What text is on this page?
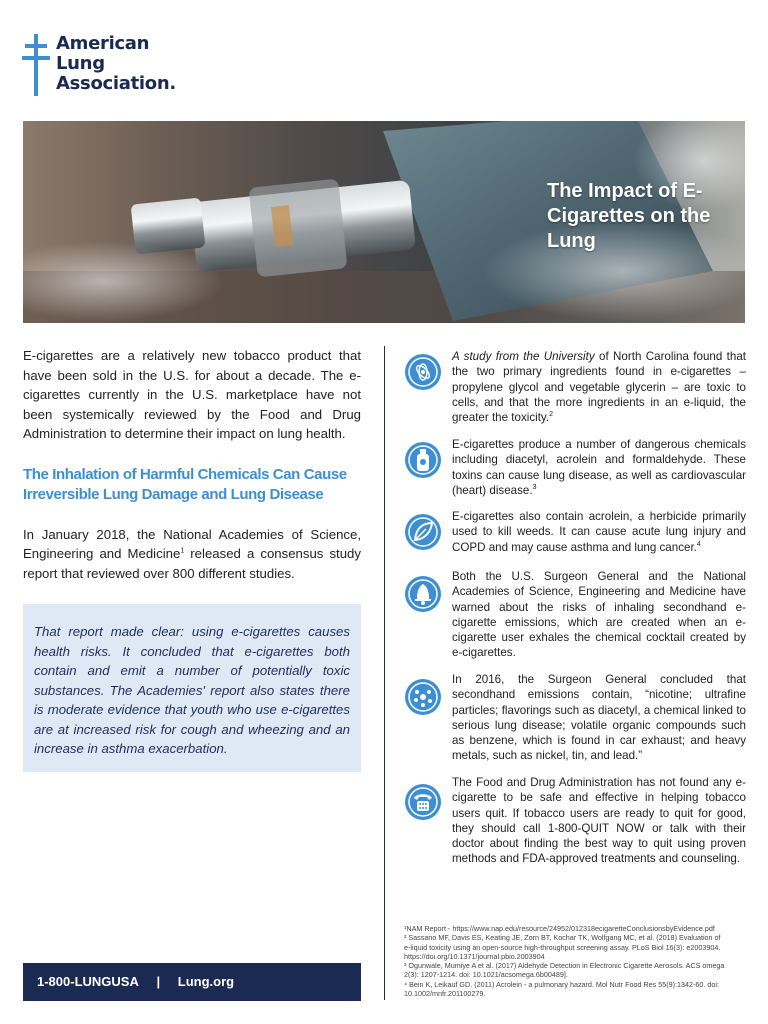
American
Lung
Association.
The Impact of E-Cigarettes on the Lung

E-cigarettes are a relatively new tobacco product that have been sold in the U.S. for about a decade. The e-cigarettes currently in the U.S. marketplace have not been systemically reviewed by the Food and Drug Administration to determine their impact on lung health.

The Inhalation of Harmful Chemicals Can Cause Irreversible Lung Damage and Lung Disease

In January 2018, the National Academies of Science, Engineering and Medicine$^1$ released a consensus study report that reviewed over 800 different studies.

That report made clear: using e-cigarettes causes health risks. It concluded that e-cigarettes both contain and emit a number of potentially toxic substances. The Academies' report also states there is moderate evidence that youth who use e-cigarettes are at increased risk for cough and wheezing and an increase in asthma exacerbation.

A study from the University of North Carolina found that the two primary ingredients found in e-cigarettes – propylene glycol and vegetable glycerin – are toxic to cells, and that the more ingredients in an e-liquid, the greater the toxicity.$^2$
E-cigarettes produce a number of dangerous chemicals including diacetyl, acrolein and formaldehyde. These toxins can cause lung disease, as well as cardiovascular (heart) disease.$^3$
E-cigarettes also contain acrolein, a herbicide primarily used to kill weeds. It can cause acute lung injury and COPD and may cause asthma and lung cancer.$^4$
Both the U.S. Surgeon General and the National Academies of Science, Engineering and Medicine have warned about the risks of inhaling secondhand e-cigarette emissions, which are created when an e-cigarette user exhales the chemical cocktail created by e-cigarettes.
In 2016, the Surgeon General concluded that secondhand emissions contain, “nicotine; ultrafine particles; flavorings such as diacetyl, a chemical linked to serious lung disease; volatile organic compounds such as benzene, which is found in car exhaust; and heavy metals, such as nickel, tin, and lead.”
The Food and Drug Administration has not found any e-cigarette to be safe and effective in helping tobacco users quit. If tobacco users are ready to quit for good, they should call 1-800-QUIT NOW or talk with their doctor about finding the best way to quit using proven methods and FDA-approved treatments and counseling.
¹NAM Report - https://www.nap.edu/resource/24952/012318ecigaretteConclusionsbyEvidence.pdf
² Sassano MF, Davis ES, Keating JE, Zorn BT, Kochar TK, Wolfgang MC, et al. (2018) Evaluation of
e-liquid toxicity using an open-source high-throughput screening assay. PLoS Biol 16(3): e2003904.
https://doi.org/10.1371/journal.pbio.2003904
³ Ogunwale, Mumiye A et al. (2017) Aldehyde Detection in Electronic Cigarette Aerosols. ACS omega
2(3): 1207-1214. doi: 10.1021/acsomega.6b00489].
⁴ Bein K, Leikauf GD. (2011) Acrolein - a pulmonary hazard. Mol Nutr Food Res 55(9):1342-60. doi:
10.1002/mnfr.201100279.
1-800-LUNGUSA | Lung.org
